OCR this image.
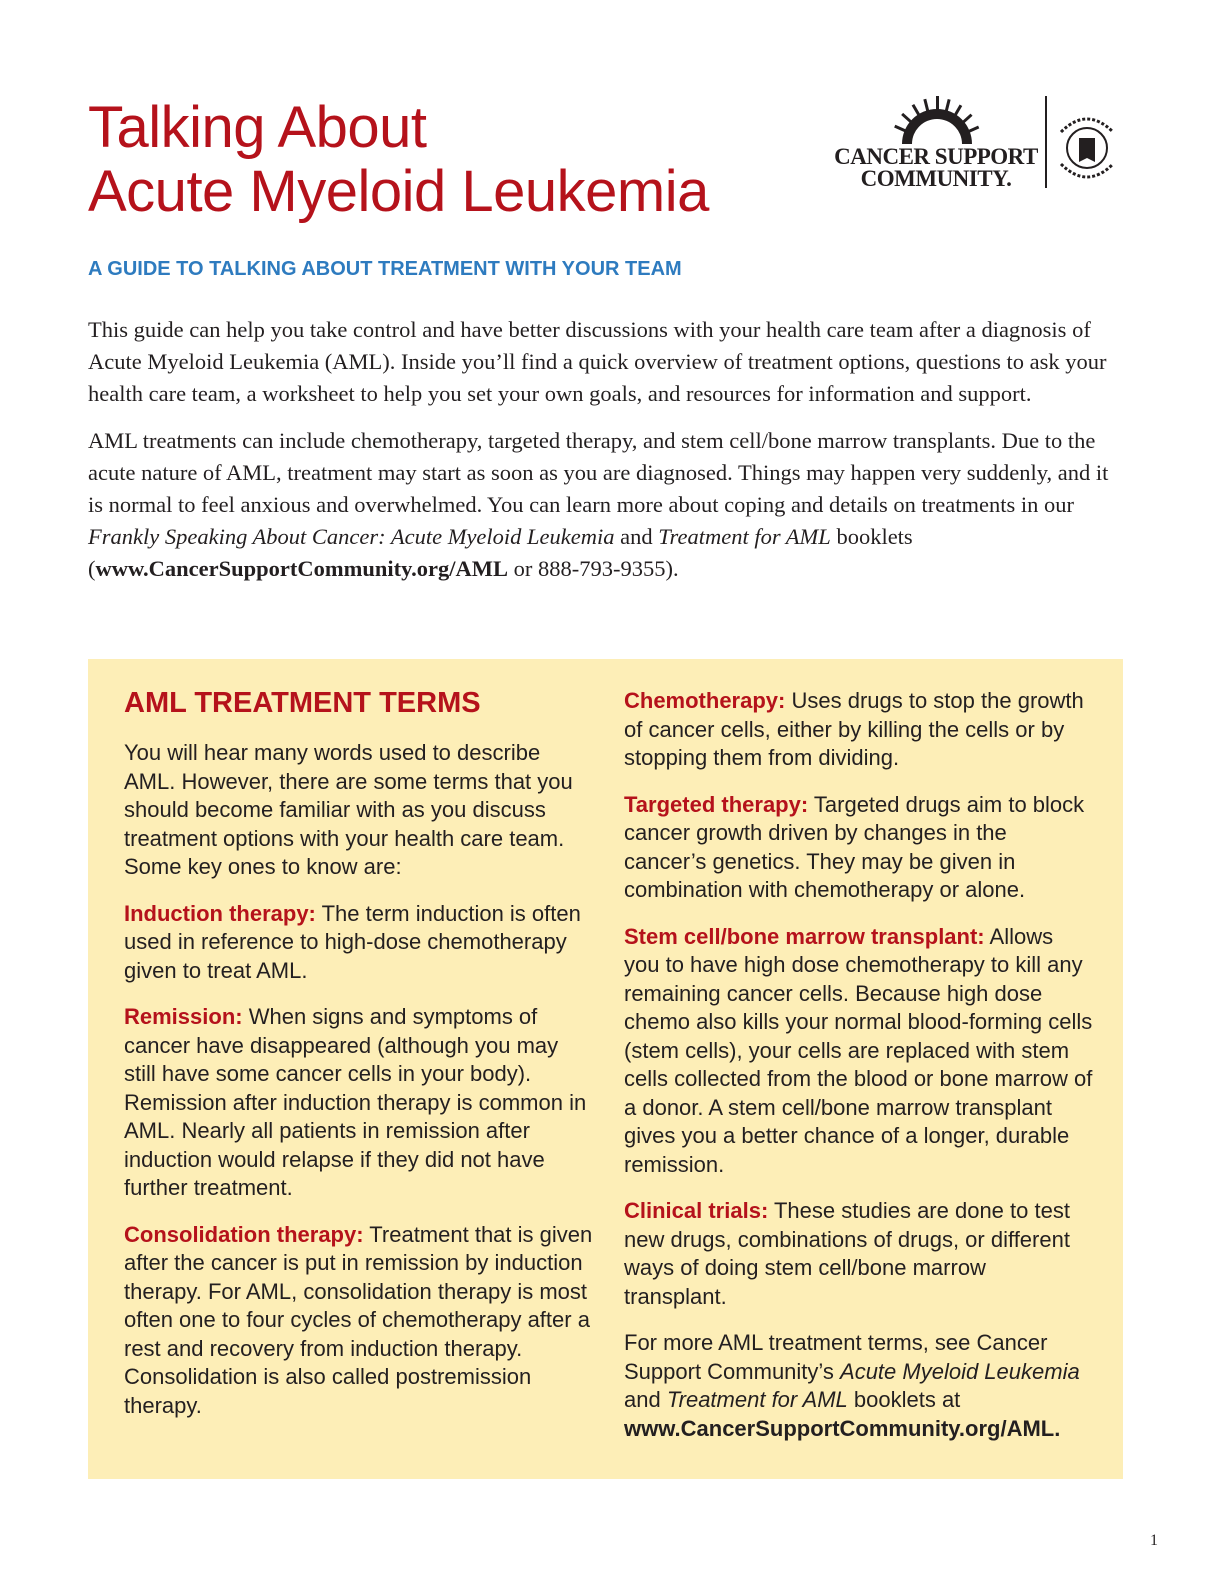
Talking About
Acute Myeloid Leukemia
CANCER SUPPORT
COMMUNITY.
A GUIDE TO TALKING ABOUT TREATMENT WITH YOUR TEAM

This guide can help you take control and have better discussions with your health care team after a diagnosis of Acute Myeloid Leukemia (AML). Inside you’ll find a quick overview of treatment options, questions to ask your health care team, a worksheet to help you set your own goals, and resources for information and support.

AML treatments can include chemotherapy, targeted therapy, and stem cell/bone marrow transplants. Due to the acute nature of AML, treatment may start as soon as you are diagnosed. Things may happen very suddenly, and it is normal to feel anxious and overwhelmed. You can learn more about coping and details on treatments in our Frankly Speaking About Cancer: Acute Myeloid Leukemia and Treatment for AML booklets (www.CancerSupportCommunity.org/AML or 888-793-9355).

AML TREATMENT TERMS

You will hear many words used to describe AML. However, there are some terms that you should become familiar with as you discuss treatment options with your health care team. Some key ones to know are:

Induction therapy: The term induction is often used in reference to high-dose chemotherapy given to treat AML.

Remission: When signs and symptoms of cancer have disappeared (although you may still have some cancer cells in your body). Remission after induction therapy is common in AML. Nearly all patients in remission after induction would relapse if they did not have further treatment.

Consolidation therapy: Treatment that is given after the cancer is put in remission by induction therapy. For AML, consolidation therapy is most often one to four cycles of chemotherapy after a rest and recovery from induction therapy. Consolidation is also called postremission therapy.

Chemotherapy: Uses drugs to stop the growth of cancer cells, either by killing the cells or by stopping them from dividing.

Targeted therapy: Targeted drugs aim to block cancer growth driven by changes in the cancer’s genetics. They may be given in combination with chemotherapy or alone.

Stem cell/bone marrow transplant: Allows you to have high dose chemotherapy to kill any remaining cancer cells. Because high dose chemo also kills your normal blood-forming cells (stem cells), your cells are replaced with stem cells collected from the blood or bone marrow of a donor. A stem cell/bone marrow transplant gives you a better chance of a longer, durable remission.

Clinical trials: These studies are done to test new drugs, combinations of drugs, or different ways of doing stem cell/bone marrow transplant.

For more AML treatment terms, see Cancer Support Community’s Acute Myeloid Leukemia and Treatment for AML booklets at www.CancerSupportCommunity.org/AML.

1
